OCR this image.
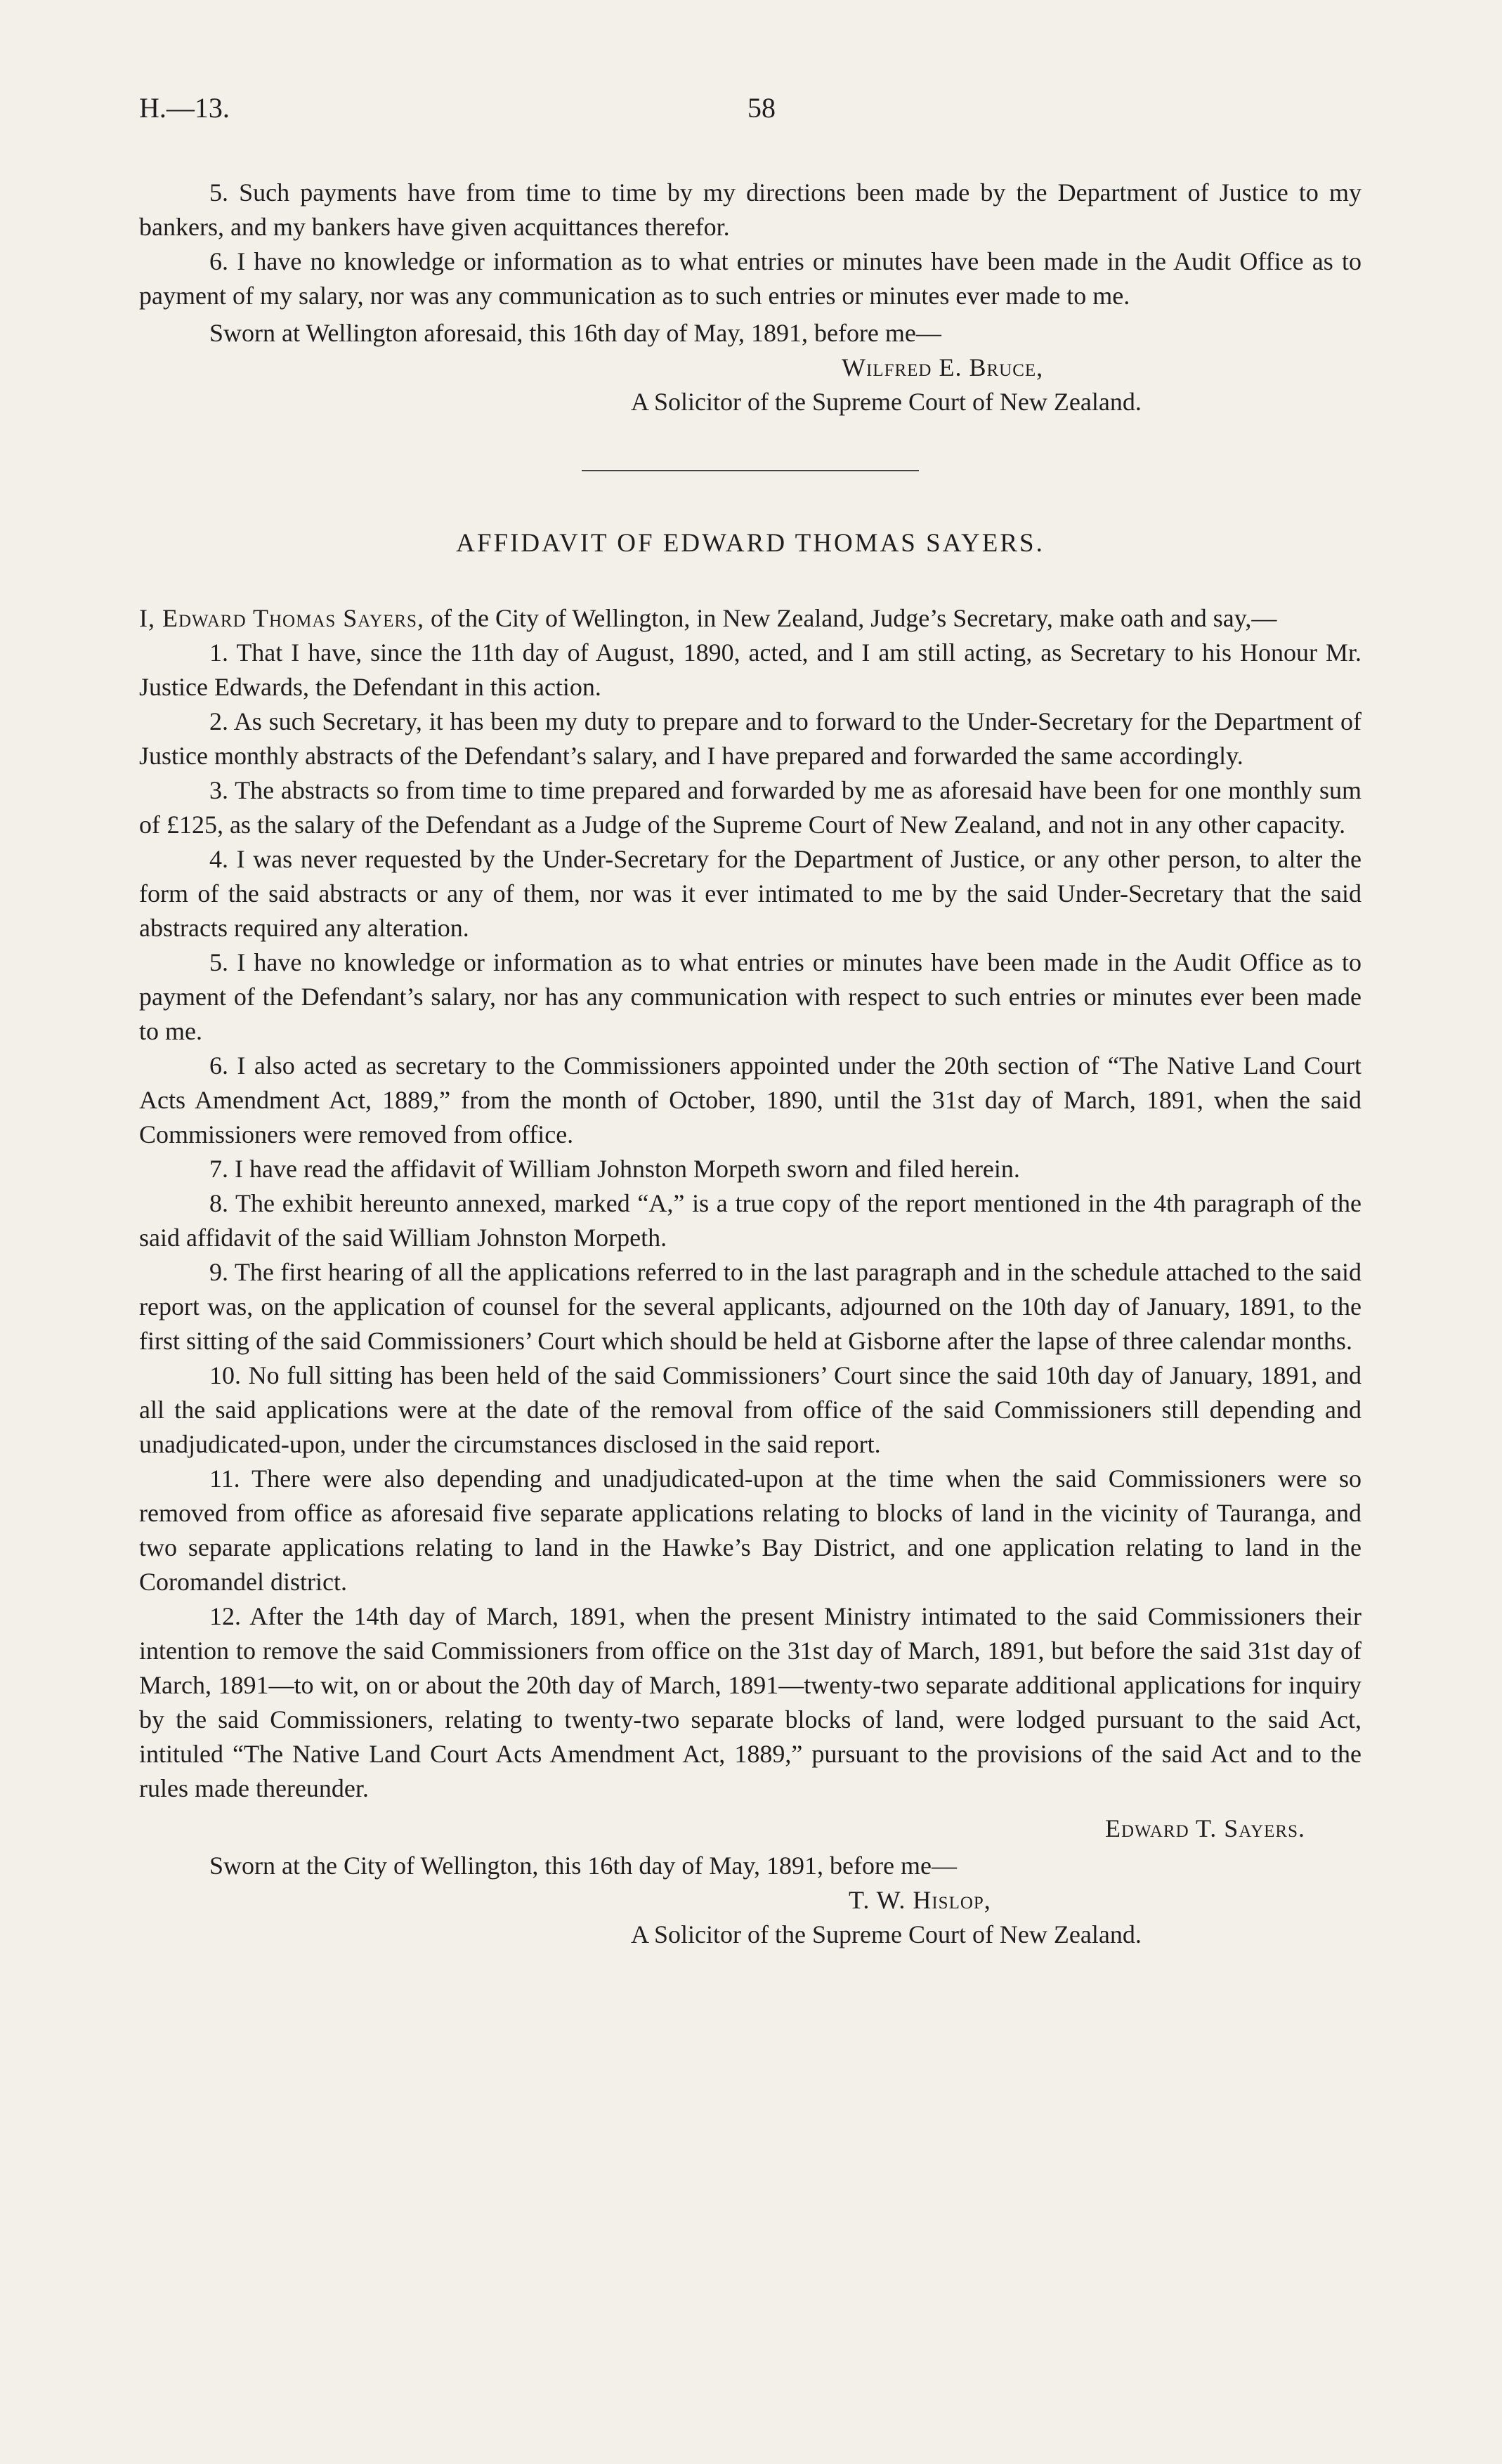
H.—13.	58

5. Such payments have from time to time by my directions been made by the Department of Justice to my bankers, and my bankers have given acquittances therefor.

6. I have no knowledge or information as to what entries or minutes have been made in the Audit Office as to payment of my salary, nor was any communication as to such entries or minutes ever made to me.

Sworn at Wellington aforesaid, this 16th day of May, 1891, before me—

Wilfred E. Bruce,

A Solicitor of the Supreme Court of New Zealand.

AFFIDAVIT OF EDWARD THOMAS SAYERS.

I, Edward Thomas Sayers, of the City of Wellington, in New Zealand, Judge’s Secretary, make oath and say,—

1. That I have, since the 11th day of August, 1890, acted, and I am still acting, as Secretary to his Honour Mr. Justice Edwards, the Defendant in this action.

2. As such Secretary, it has been my duty to prepare and to forward to the Under-Secretary for the Department of Justice monthly abstracts of the Defendant’s salary, and I have prepared and forwarded the same accordingly.

3. The abstracts so from time to time prepared and forwarded by me as aforesaid have been for one monthly sum of £125, as the salary of the Defendant as a Judge of the Supreme Court of New Zealand, and not in any other capacity.

4. I was never requested by the Under-Secretary for the Department of Justice, or any other person, to alter the form of the said abstracts or any of them, nor was it ever intimated to me by the said Under-Secretary that the said abstracts required any alteration.

5. I have no knowledge or information as to what entries or minutes have been made in the Audit Office as to payment of the Defendant’s salary, nor has any communication with respect to such entries or minutes ever been made to me.

6. I also acted as secretary to the Commissioners appointed under the 20th section of “The Native Land Court Acts Amendment Act, 1889,” from the month of October, 1890, until the 31st day of March, 1891, when the said Commissioners were removed from office.

7. I have read the affidavit of William Johnston Morpeth sworn and filed herein.

8. The exhibit hereunto annexed, marked “A,” is a true copy of the report mentioned in the 4th paragraph of the said affidavit of the said William Johnston Morpeth.

9. The first hearing of all the applications referred to in the last paragraph and in the schedule attached to the said report was, on the application of counsel for the several applicants, adjourned on the 10th day of January, 1891, to the first sitting of the said Commissioners’ Court which should be held at Gisborne after the lapse of three calendar months.

10. No full sitting has been held of the said Commissioners’ Court since the said 10th day of January, 1891, and all the said applications were at the date of the removal from office of the said Commissioners still depending and unadjudicated-upon, under the circumstances disclosed in the said report.

11. There were also depending and unadjudicated-upon at the time when the said Commissioners were so removed from office as aforesaid five separate applications relating to blocks of land in the vicinity of Tauranga, and two separate applications relating to land in the Hawke’s Bay District, and one application relating to land in the Coromandel district.

12. After the 14th day of March, 1891, when the present Ministry intimated to the said Commissioners their intention to remove the said Commissioners from office on the 31st day of March, 1891, but before the said 31st day of March, 1891—to wit, on or about the 20th day of March, 1891—twenty-two separate additional applications for inquiry by the said Commissioners, relating to twenty-two separate blocks of land, were lodged pursuant to the said Act, intituled “The Native Land Court Acts Amendment Act, 1889,” pursuant to the provisions of the said Act and to the rules made thereunder.

Edward T. Sayers.

Sworn at the City of Wellington, this 16th day of May, 1891, before me—

T. W. Hislop,

A Solicitor of the Supreme Court of New Zealand.
